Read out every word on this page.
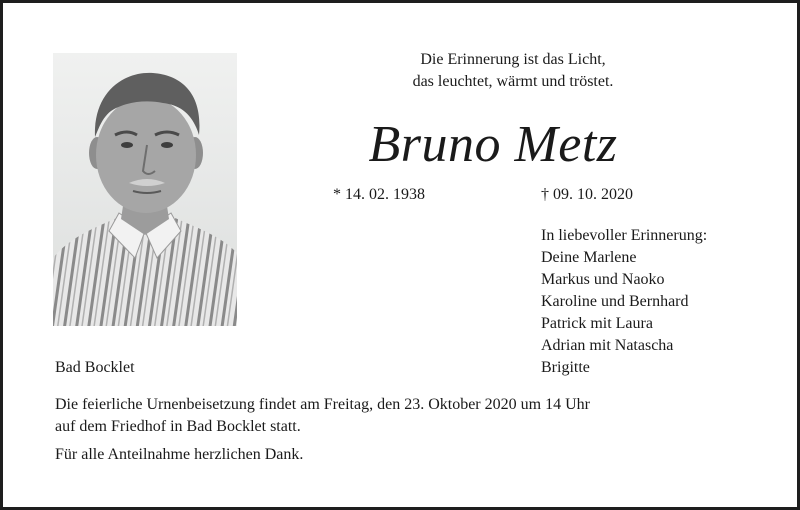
Die Erinnerung ist das Licht,
das leuchtet, wärmt und tröstet.
Bruno Metz
* 14. 02. 1938	† 09. 10. 2020
In liebevoller Erinnerung:
Deine Marlene
Markus und Naoko
Karoline und Bernhard
Patrick mit Laura
Adrian mit Natascha
Brigitte
Bad Bocklet
Die feierliche Urnenbeisetzung findet am Freitag, den 23. Oktober 2020 um 14 Uhr
auf dem Friedhof in Bad Bocklet statt.
Für alle Anteilnahme herzlichen Dank.
